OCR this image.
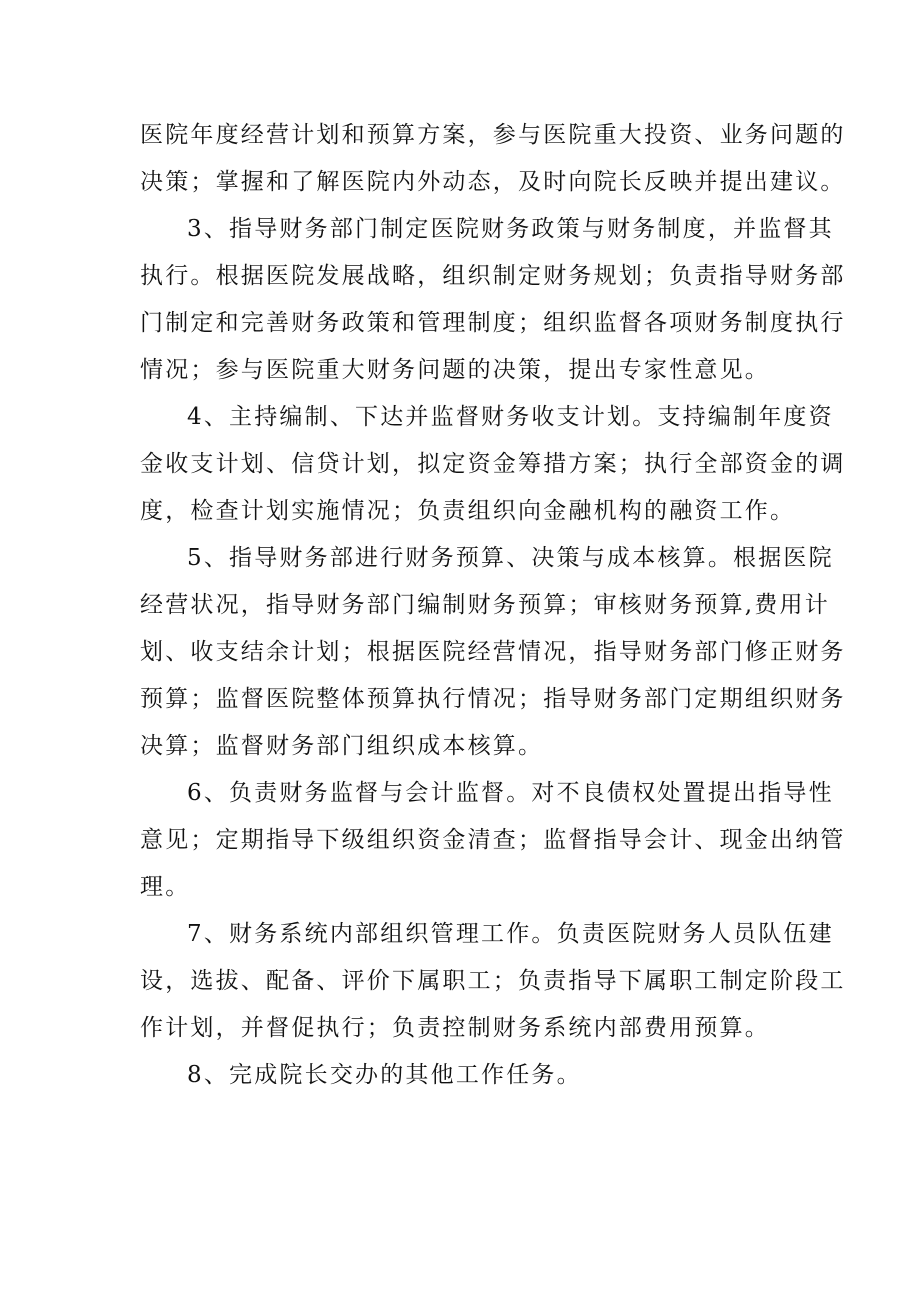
医院年度经营计划和预算方案，参与医院重大投资、业务问题的

决策；掌握和了解医院内外动态，及时向院长反映并提出建议。

3、指导财务部门制定医院财务政策与财务制度，并监督其

执行。根据医院发展战略，组织制定财务规划；负责指导财务部

门制定和完善财务政策和管理制度；组织监督各项财务制度执行

情况；参与医院重大财务问题的决策，提出专家性意见。

4、主持编制、下达并监督财务收支计划。支持编制年度资

金收支计划、信贷计划，拟定资金筹措方案；执行全部资金的调

度，检查计划实施情况；负责组织向金融机构的融资工作。

5、指导财务部进行财务预算、决策与成本核算。根据医院

经营状况，指导财务部门编制财务预算；审核财务预算,费用计

划、收支结余计划；根据医院经营情况，指导财务部门修正财务

预算；监督医院整体预算执行情况；指导财务部门定期组织财务

决算；监督财务部门组织成本核算。

6、负责财务监督与会计监督。对不良债权处置提出指导性

意见；定期指导下级组织资金清查；监督指导会计、现金出纳管

理。

7、财务系统内部组织管理工作。负责医院财务人员队伍建

设，选拔、配备、评价下属职工；负责指导下属职工制定阶段工

作计划，并督促执行；负责控制财务系统内部费用预算。

8、完成院长交办的其他工作任务。
